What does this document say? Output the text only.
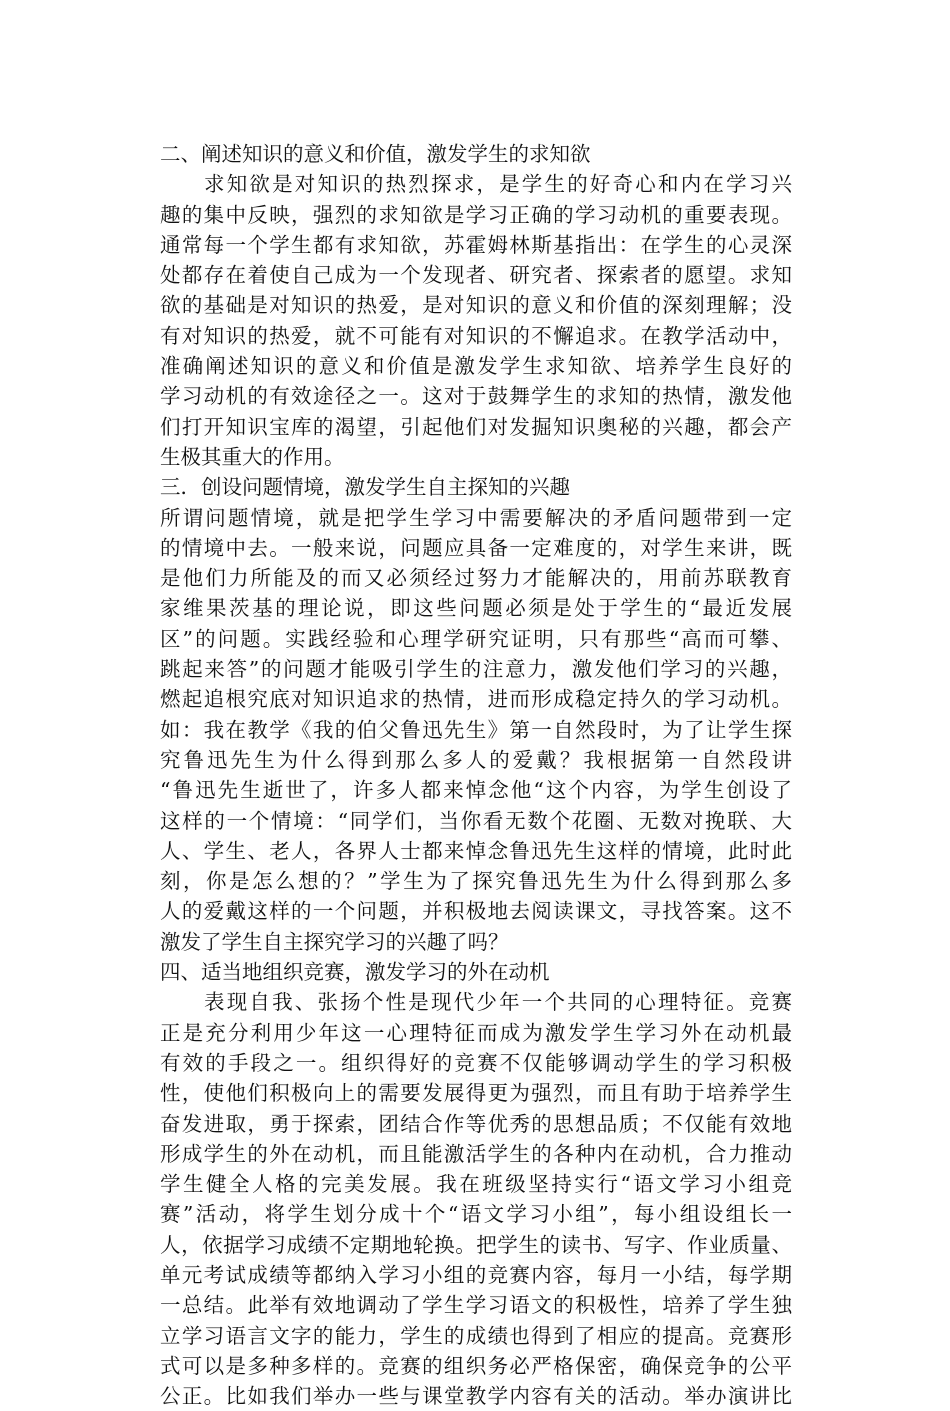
二、阐述知识的意义和价值，激发学生的求知欲
求知欲是对知识的热烈探求，是学生的好奇心和内在学习兴
趣的集中反映，强烈的求知欲是学习正确的学习动机的重要表现。
通常每一个学生都有求知欲，苏霍姆林斯基指出：在学生的心灵深
处都存在着使自己成为一个发现者、研究者、探索者的愿望。求知
欲的基础是对知识的热爱，是对知识的意义和价值的深刻理解；没
有对知识的热爱，就不可能有对知识的不懈追求。在教学活动中，
准确阐述知识的意义和价值是激发学生求知欲、培养学生良好的
学习动机的有效途径之一。这对于鼓舞学生的求知的热情，激发他
们打开知识宝库的渴望，引起他们对发掘知识奥秘的兴趣，都会产
生极其重大的作用。
三．创设问题情境，激发学生自主探知的兴趣
所谓问题情境，就是把学生学习中需要解决的矛盾问题带到一定
的情境中去。一般来说，问题应具备一定难度的，对学生来讲，既
是他们力所能及的而又必须经过努力才能解决的，用前苏联教育
家维果茨基的理论说，即这些问题必须是处于学生的“最近发展
区”的问题。实践经验和心理学研究证明，只有那些“高而可攀、
跳起来答”的问题才能吸引学生的注意力，激发他们学习的兴趣，
燃起追根究底对知识追求的热情，进而形成稳定持久的学习动机。
如：我在教学《我的伯父鲁迅先生》第一自然段时，为了让学生探
究鲁迅先生为什么得到那么多人的爱戴？我根据第一自然段讲
“鲁迅先生逝世了，许多人都来悼念他“这个内容，为学生创设了
这样的一个情境：“同学们，当你看无数个花圈、无数对挽联、大
人、学生、老人，各界人士都来悼念鲁迅先生这样的情境，此时此
刻，你是怎么想的？”学生为了探究鲁迅先生为什么得到那么多
人的爱戴这样的一个问题，并积极地去阅读课文，寻找答案。这不
激发了学生自主探究学习的兴趣了吗？
四、适当地组织竞赛，激发学习的外在动机
表现自我、张扬个性是现代少年一个共同的心理特征。竞赛
正是充分利用少年这一心理特征而成为激发学生学习外在动机最
有效的手段之一。组织得好的竞赛不仅能够调动学生的学习积极
性，使他们积极向上的需要发展得更为强烈，而且有助于培养学生
奋发进取，勇于探索，团结合作等优秀的思想品质；不仅能有效地
形成学生的外在动机，而且能激活学生的各种内在动机，合力推动
学生健全人格的完美发展。我在班级坚持实行“语文学习小组竞
赛”活动，将学生划分成十个“语文学习小组”，每小组设组长一
人，依据学习成绩不定期地轮换。把学生的读书、写字、作业质量、
单元考试成绩等都纳入学习小组的竞赛内容，每月一小结，每学期
一总结。此举有效地调动了学生学习语文的积极性，培养了学生独
立学习语言文字的能力，学生的成绩也得到了相应的提高。竞赛形
式可以是多种多样的。竞赛的组织务必严格保密，确保竞争的公平
公正。比如我们举办一些与课堂教学内容有关的活动。举办演讲比
